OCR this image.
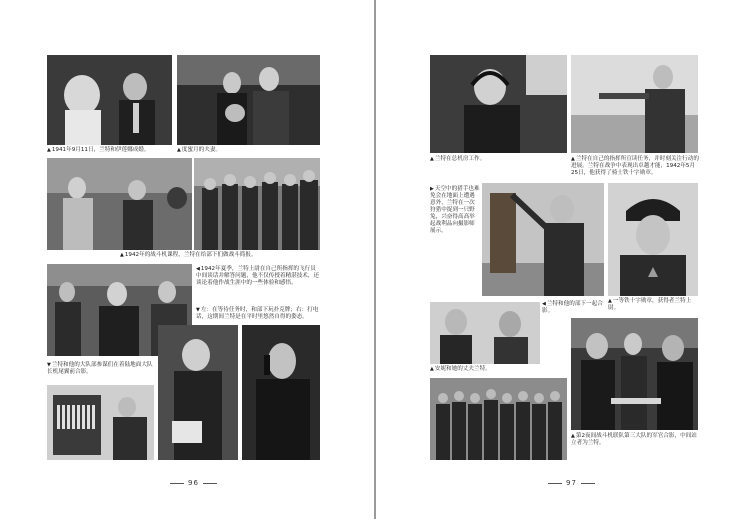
▲1941年9月11日，兰特和伊莲娜成婚。	▲度蜜月的夫妻。
▲1942年的战斗机课程，兰特在给部下们做战斗简报。
◀1942年夏季，兰特上尉在自己所指挥的飞行员中间谈话并解答问题，他不仅传授着精湛技术，还谈论着他作战生涯中的一些体验和感悟。
▼左：在等待任务时，和部下玩扑克牌；右：打电话，这期间兰特是在平时里悠然自得的姿态。
▼兰特和他的大队部参谋们在着陆地面大队长机尾翼前合影。
96
▲兰特在总机房工作。	▲兰特在自己的指挥所宣读任务，并时刻关注行动的进展。兰特在战争中表现出卓越才能，1942年5月25日，他获得了骑士铁十字勋章。
▶天空中的猎手也难免会在地面上遭遇意外，兰特在一次狩猎中捉到一只野兔，兴奋得高高举起战利品向摄影师展示。
◀兰特和他的部下一起合影。
▲一等铁十字勋章，获得者兰特上尉。
▲安妮和她的丈夫兰特。
▲第2夜间战斗机联队第三大队的军官合影，中间站立者为兰特。
97
